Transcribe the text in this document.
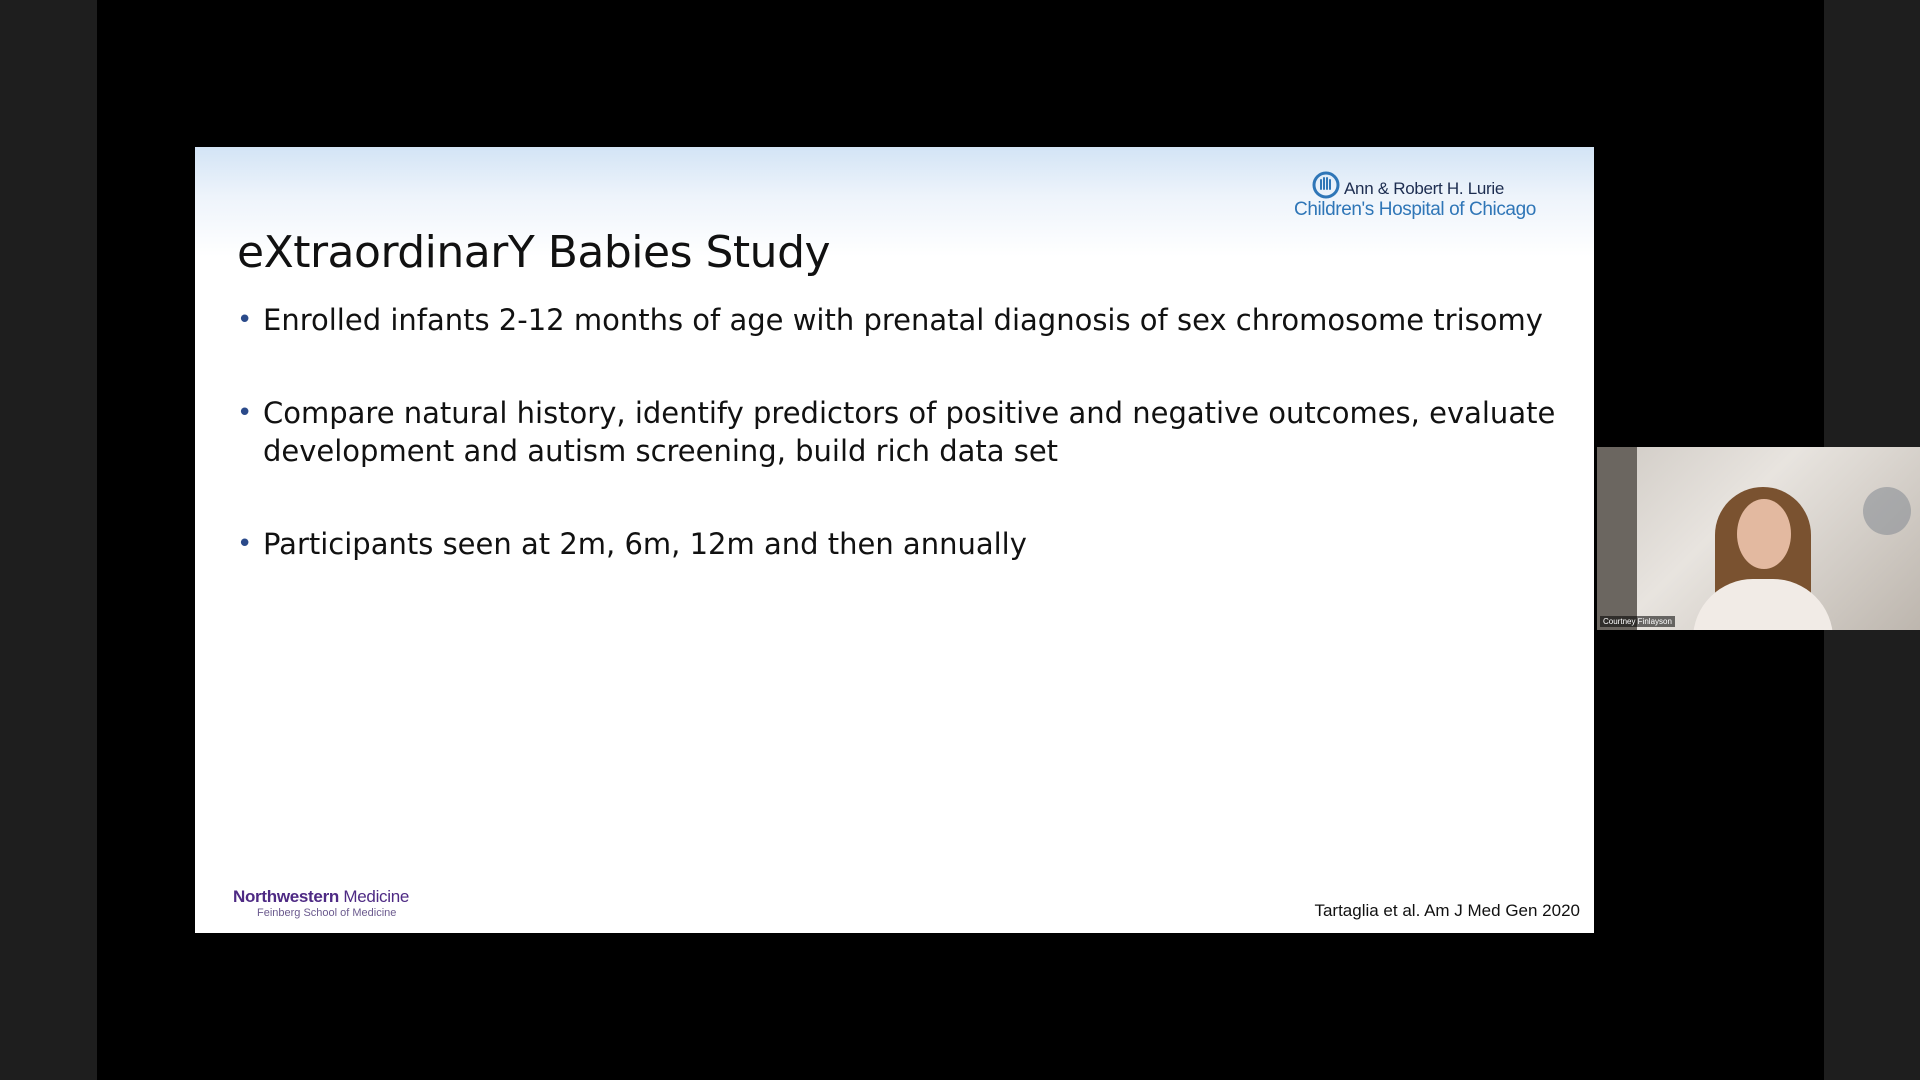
Ann & Robert H. Lurie
Children's Hospital of Chicago
eXtraordinarY Babies Study
• Enrolled infants 2-12 months of age with prenatal diagnosis of sex chromosome trisomy
• Compare natural history, identify predictors of positive and negative outcomes, evaluate development and autism screening, build rich data set
• Participants seen at 2m, 6m, 12m and then annually
Northwestern Medicine
Feinberg School of Medicine	Tartaglia et al. Am J Med Gen 2020
Courtney Finlayson
